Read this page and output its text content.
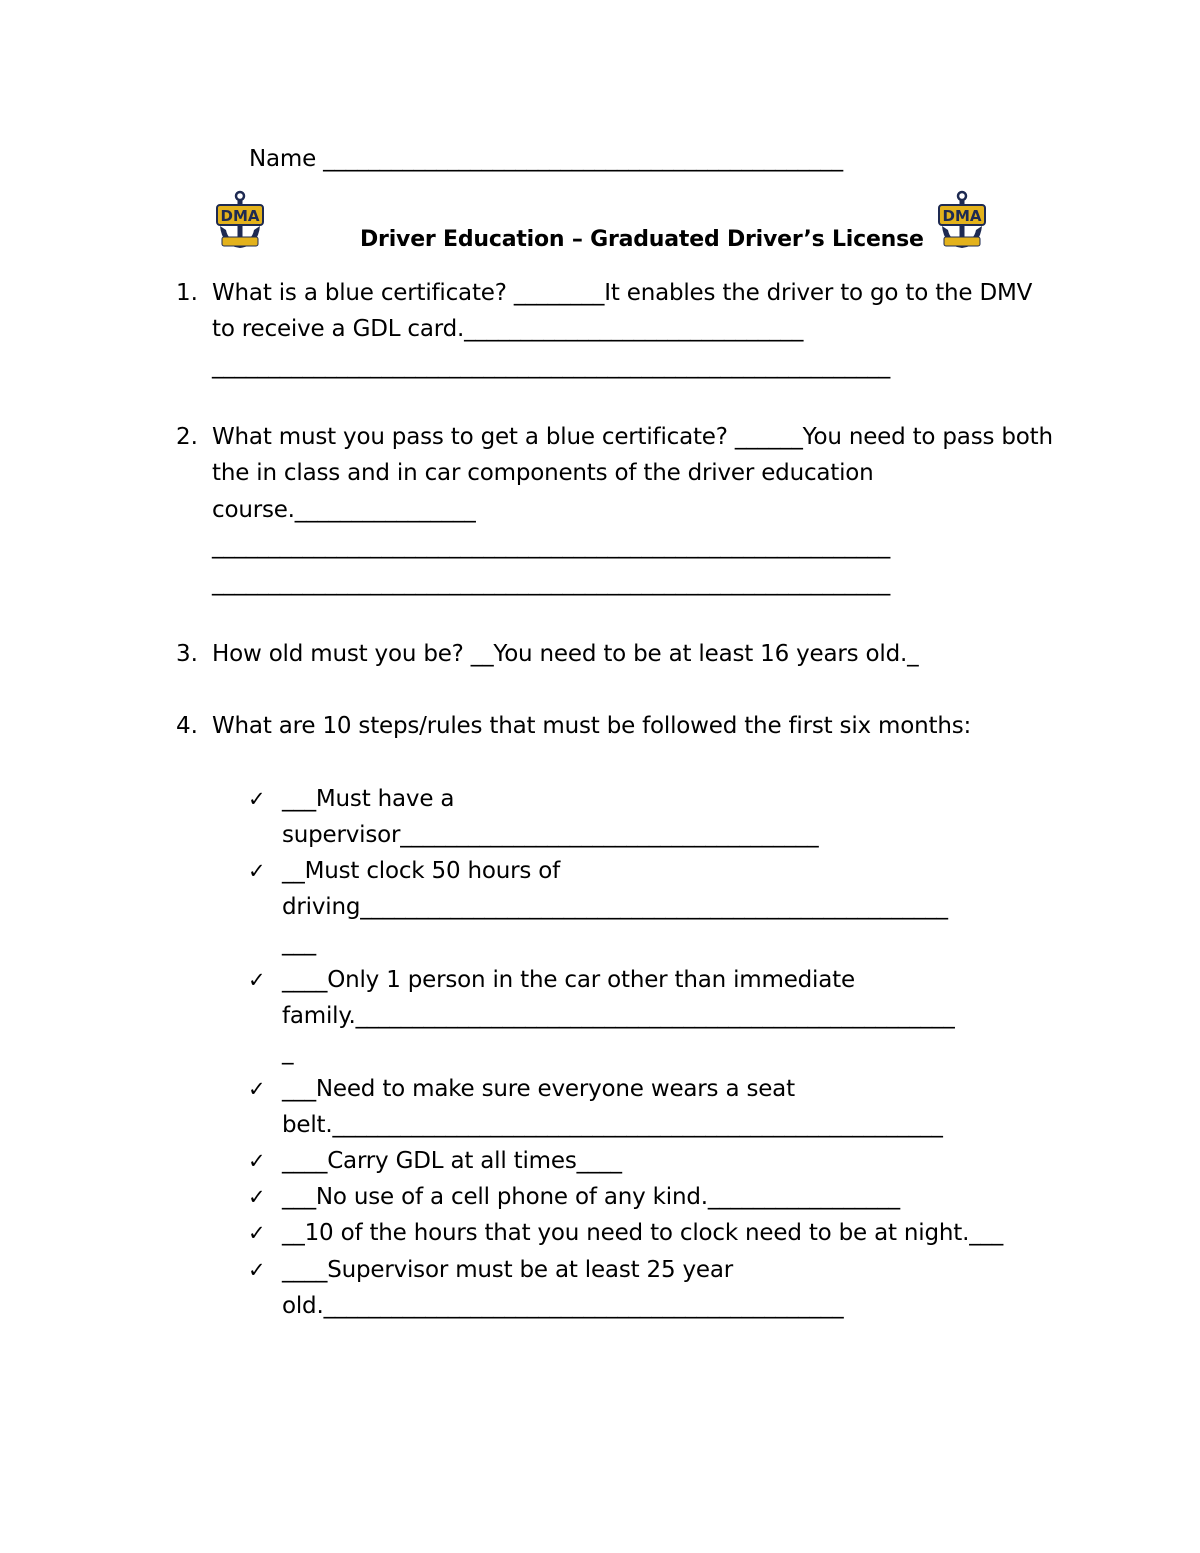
Name ______________________________________________
DMA	DMA
Driver Education – Graduated Driver’s License
1. What is a blue certificate? ________It enables the driver to go to the DMV
to receive a GDL card.______________________________
____________________________________________________________
2. What must you pass to get a blue certificate? ______You need to pass both
the in class and in car components of the driver education
course.________________
____________________________________________________________
____________________________________________________________
3. How old must you be? __You need to be at least 16 years old._
4. What are 10 steps/rules that must be followed the first six months:
✓ ___Must have a
supervisor_____________________________________
✓ __Must clock 50 hours of
driving____________________________________________________
___
✓ ____Only 1 person in the car other than immediate
family._____________________________________________________
_
✓ ___Need to make sure everyone wears a seat
belt.______________________________________________________
✓ ____Carry GDL at all times____
✓ ___No use of a cell phone of any kind._________________
✓ __10 of the hours that you need to clock need to be at night.___
✓ ____Supervisor must be at least 25 year
old.______________________________________________
